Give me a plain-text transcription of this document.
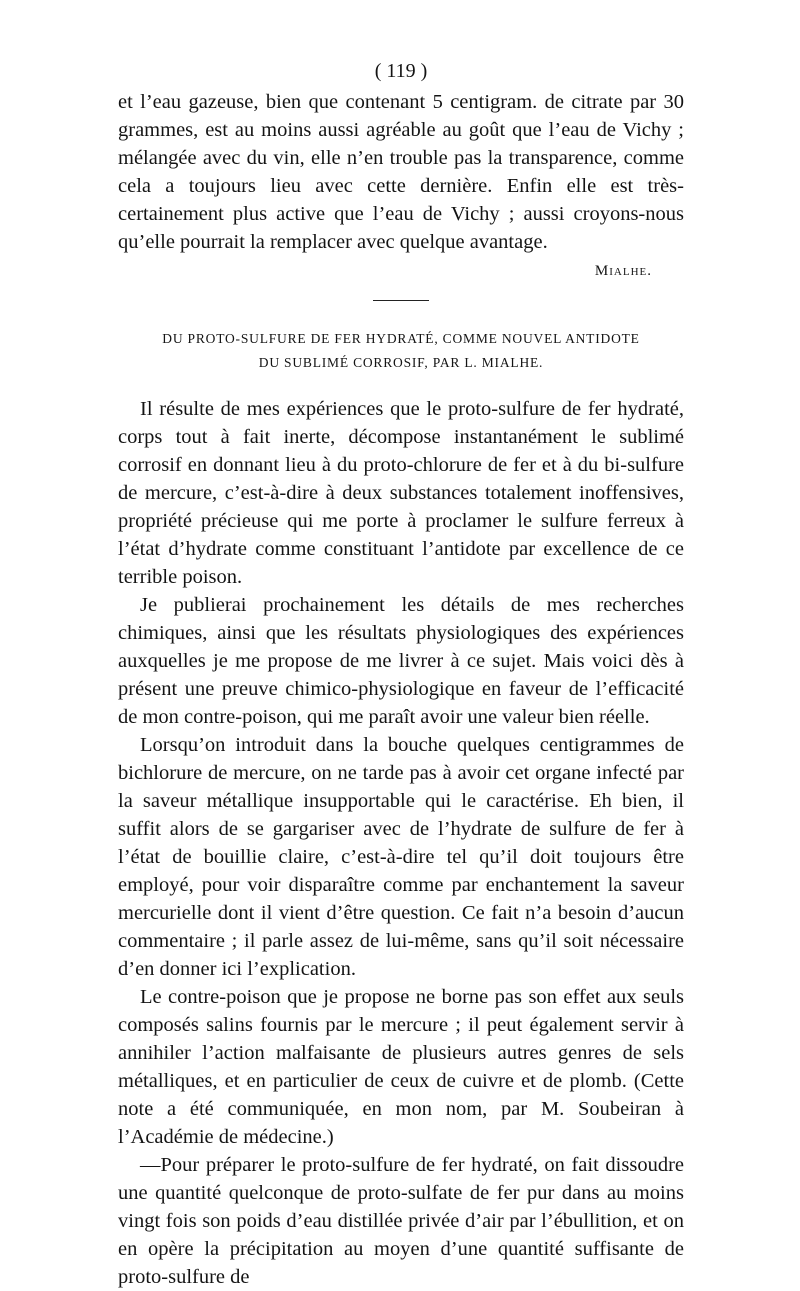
( 119 )

et l’eau gazeuse, bien que contenant 5 centigram. de citrate par 30 grammes, est au moins aussi agréable au goût que l’eau de Vichy ; mélangée avec du vin, elle n’en trouble pas la transparence, comme cela a toujours lieu avec cette dernière. Enfin elle est très-certainement plus active que l’eau de Vichy ; aussi croyons-nous qu’elle pourrait la remplacer avec quelque avantage.

Mialhe.
DU PROTO-SULFURE DE FER HYDRATÉ, COMME NOUVEL ANTIDOTE
DU SUBLIMÉ CORROSIF, PAR L. MIALHE.

Il résulte de mes expériences que le proto-sulfure de fer hydraté, corps tout à fait inerte, décompose instantanément le sublimé corrosif en donnant lieu à du proto-chlorure de fer et à du bi-sulfure de mercure, c’est-à-dire à deux substances totalement inoffensives, propriété précieuse qui me porte à proclamer le sulfure ferreux à l’état d’hydrate comme constituant l’antidote par excellence de ce terrible poison.

Je publierai prochainement les détails de mes recherches chimiques, ainsi que les résultats physiologiques des expériences auxquelles je me propose de me livrer à ce sujet. Mais voici dès à présent une preuve chimico-physiologique en faveur de l’efficacité de mon contre-poison, qui me paraît avoir une valeur bien réelle.

Lorsqu’on introduit dans la bouche quelques centigrammes de bichlorure de mercure, on ne tarde pas à avoir cet organe infecté par la saveur métallique insupportable qui le caractérise. Eh bien, il suffit alors de se gargariser avec de l’hydrate de sulfure de fer à l’état de bouillie claire, c’est-à-dire tel qu’il doit toujours être employé, pour voir disparaître comme par enchantement la saveur mercurielle dont il vient d’être question. Ce fait n’a besoin d’aucun commentaire ; il parle assez de lui-même, sans qu’il soit nécessaire d’en donner ici l’explication.

Le contre-poison que je propose ne borne pas son effet aux seuls composés salins fournis par le mercure ; il peut également servir à annihiler l’action malfaisante de plusieurs autres genres de sels métalliques, et en particulier de ceux de cuivre et de plomb. (Cette note a été communiquée, en mon nom, par M. Soubeiran à l’Académie de médecine.)

—Pour préparer le proto-sulfure de fer hydraté, on fait dissoudre une quantité quelconque de proto-sulfate de fer pur dans au moins vingt fois son poids d’eau distillée privée d’air par l’ébullition, et on en opère la précipitation au moyen d’une quantité suffisante de proto-sulfure de
